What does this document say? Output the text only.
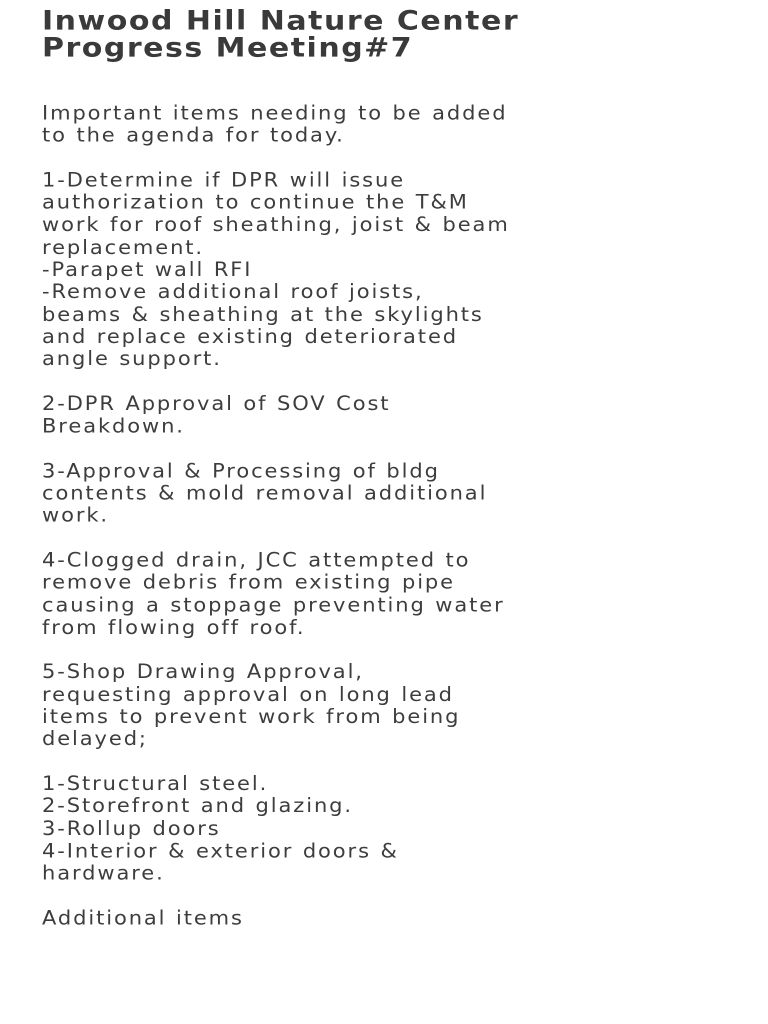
Inwood Hill Nature Center
Progress Meeting#7

Important items needing to be added
to the agenda for today.

1-Determine if DPR will issue
authorization to continue the T&M
work for roof sheathing, joist & beam
replacement.
-Parapet wall RFI
-Remove additional roof joists,
beams & sheathing at the skylights
and replace existing deteriorated
angle support.

2-DPR Approval of SOV Cost
Breakdown.

3-Approval & Processing of bldg
contents & mold removal additional
work.

4-Clogged drain, JCC attempted to
remove debris from existing pipe
causing a stoppage preventing water
from flowing off roof.

5-Shop Drawing Approval,
requesting approval on long lead
items to prevent work from being
delayed;

1-Structural steel.
2-Storefront and glazing.
3-Rollup doors
4-Interior & exterior doors &
hardware.

Additional items
